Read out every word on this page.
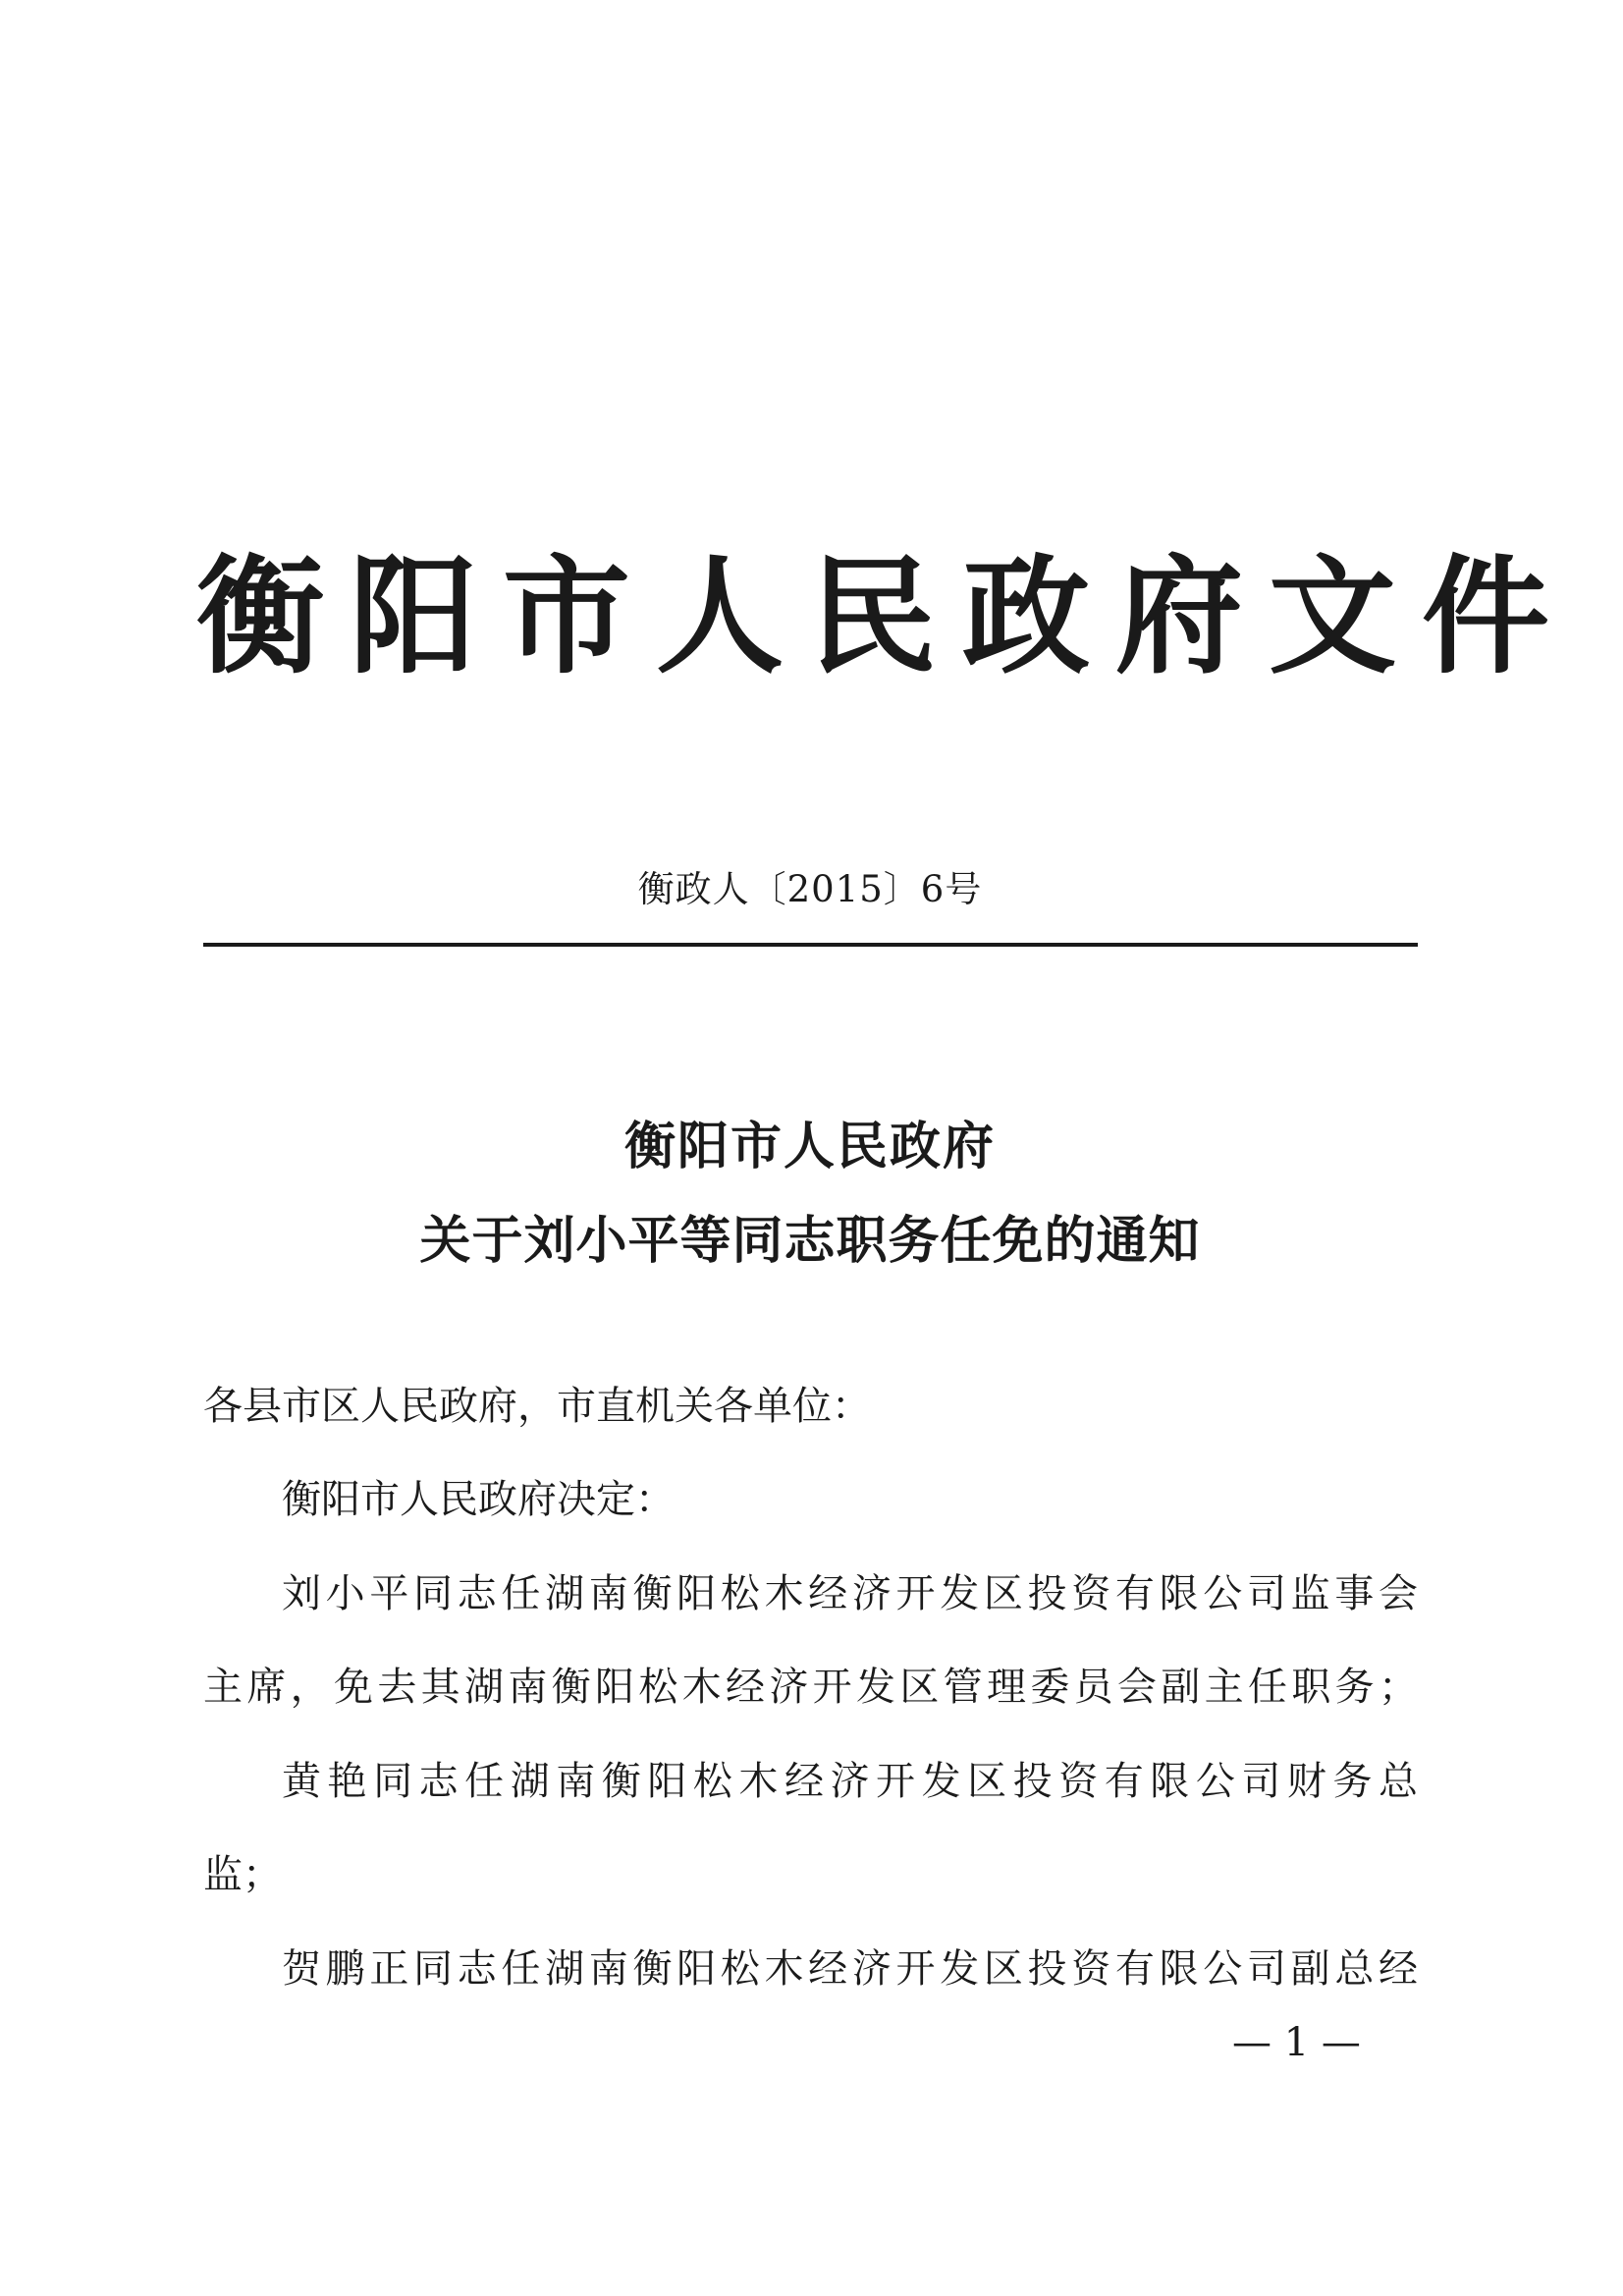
衡阳市人民政府文件
衡政人〔2015〕6号
衡阳市人民政府
关于刘小平等同志职务任免的通知
各县市区人民政府，市直机关各单位：
衡阳市人民政府决定：
刘小平同志任湖南衡阳松木经济开发区投资有限公司监事会
主席，免去其湖南衡阳松木经济开发区管理委员会副主任职务；
黄艳同志任湖南衡阳松木经济开发区投资有限公司财务总
监；
贺鹏正同志任湖南衡阳松木经济开发区投资有限公司副总经
— 1 —
